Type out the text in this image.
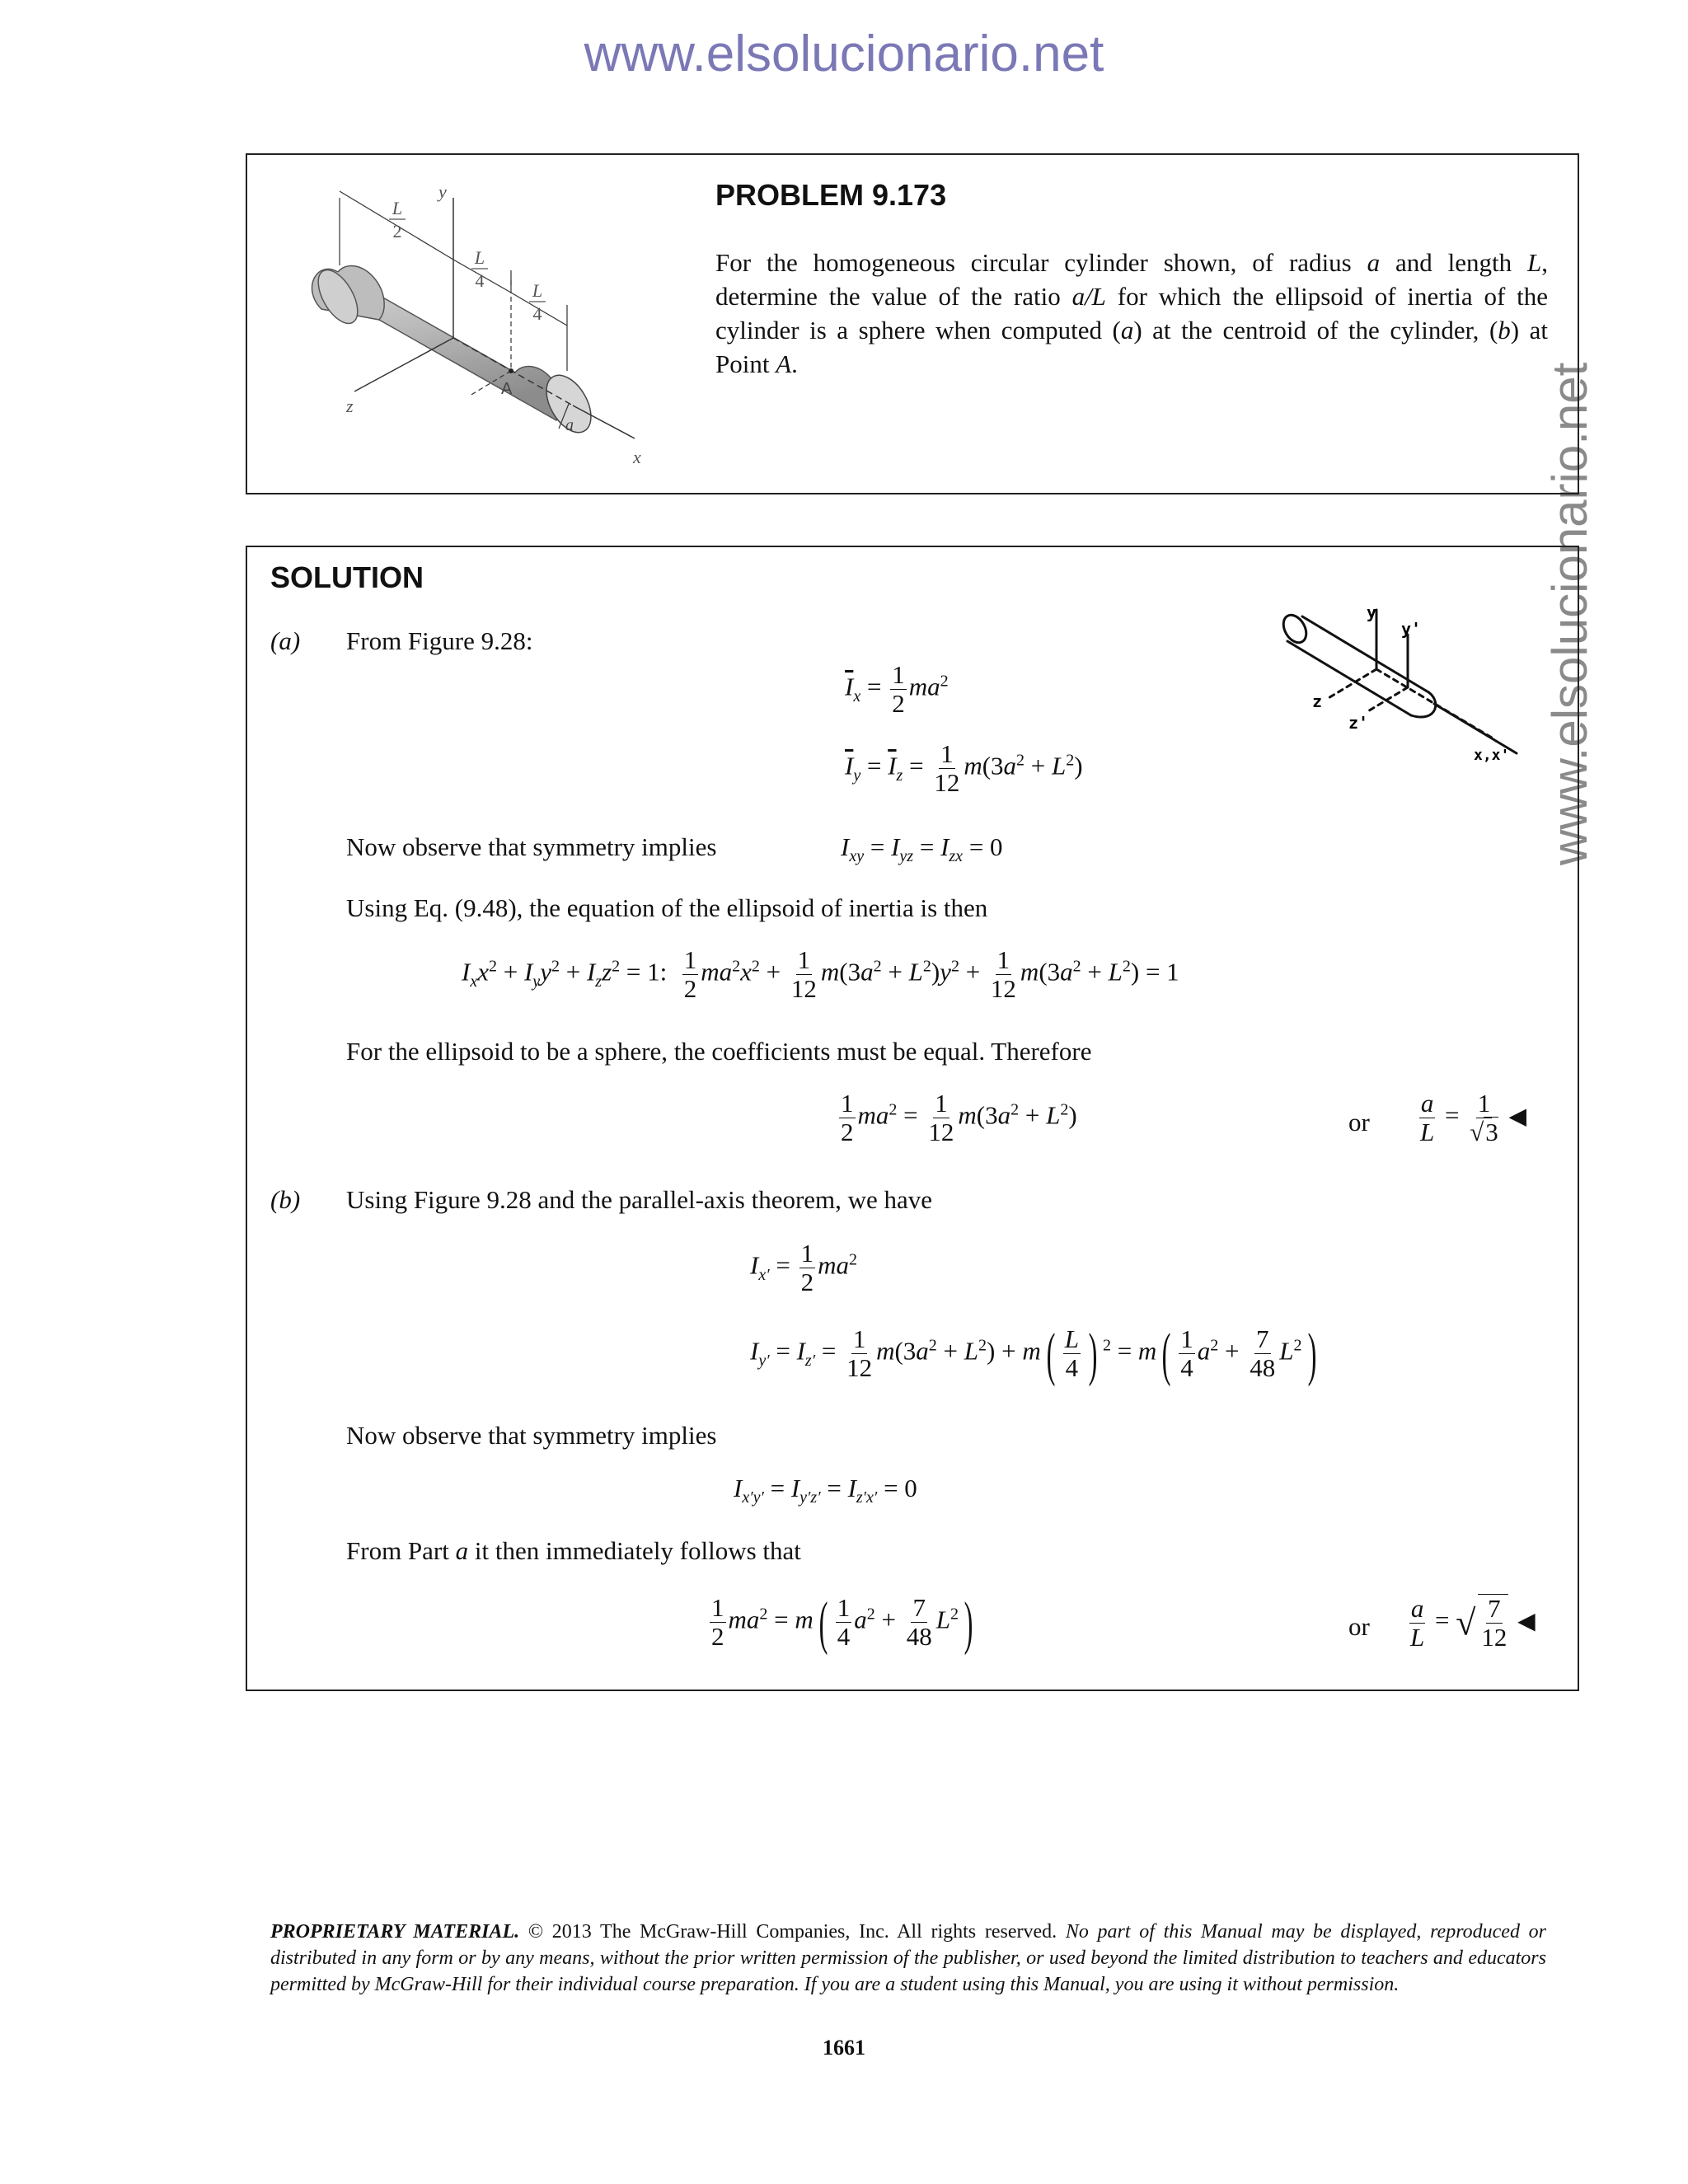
www.elsolucionario.net
www.elsolucionario.net
L
2
y
L
4	L
4
z
x
A
a
PROBLEM 9.173
For the homogeneous circular cylinder shown, of radius a and length L, determine the value of the ratio a/L for which the ellipsoid of inertia of the cylinder is a sphere when computed (a) at the centroid of the cylinder, (b) at Point A.
SOLUTION
y
y'
z
z'
x,x'
(a) From Figure 9.28:
$\overline{I}_x = \frac{1}{2} ma^2$
$\overline{I}_y = \overline{I}_z = \frac{1}{12} m(3a^2 + L^2)$
Now observe that symmetry implies	$I_{xy} = I_{yz} = I_{zx} = 0$
Using Eq. (9.48), the equation of the ellipsoid of inertia is then
$I_xx^2 + I_yy^2 + I_zz^2 = 1$: $\frac{1}{2} ma^2x^2 + \frac{1}{12} m(3a^2 + L^2)y^2 + \frac{1}{12} m(3a^2 + L^2) = 1$
For the ellipsoid to be a sphere, the coefficients must be equal. Therefore
$\frac{1}{2} ma^2 = \frac{1}{12} m(3a^2 + L^2)$	or $\frac{a}{L} = \frac{1}{√3}$ ◀
(b) Using Figure 9.28 and the parallel-axis theorem, we have
$I_{x'} = \frac{1}{2} ma^2$
$I_{y'} = I_{z'} = \frac{1}{12} m(3a^2 + L^2) + m( \frac{L}{4}$ ) $^2 = m( \frac{1}{4} a^2 + \frac{7}{48} L^2)$
Now observe that symmetry implies
$I_{x'y'} = I_{y'z'} = I_{z'x'} = 0$
From Part a it then immediately follows that
$\frac{1}{2} ma^2 = m( \frac{1}{4} a^2 + \frac{7}{48} L^2)$	or $\frac{a}{L}$ = √ $\frac{7}{12}$ ◀
PROPRIETARY MATERIAL. © 2013 The McGraw-Hill Companies, Inc. All rights reserved. No part of this Manual may be displayed, reproduced or distributed in any form or by any means, without the prior written permission of the publisher, or used beyond the limited distribution to teachers and educators permitted by McGraw-Hill for their individual course preparation. If you are a student using this Manual, you are using it without permission.
1661
